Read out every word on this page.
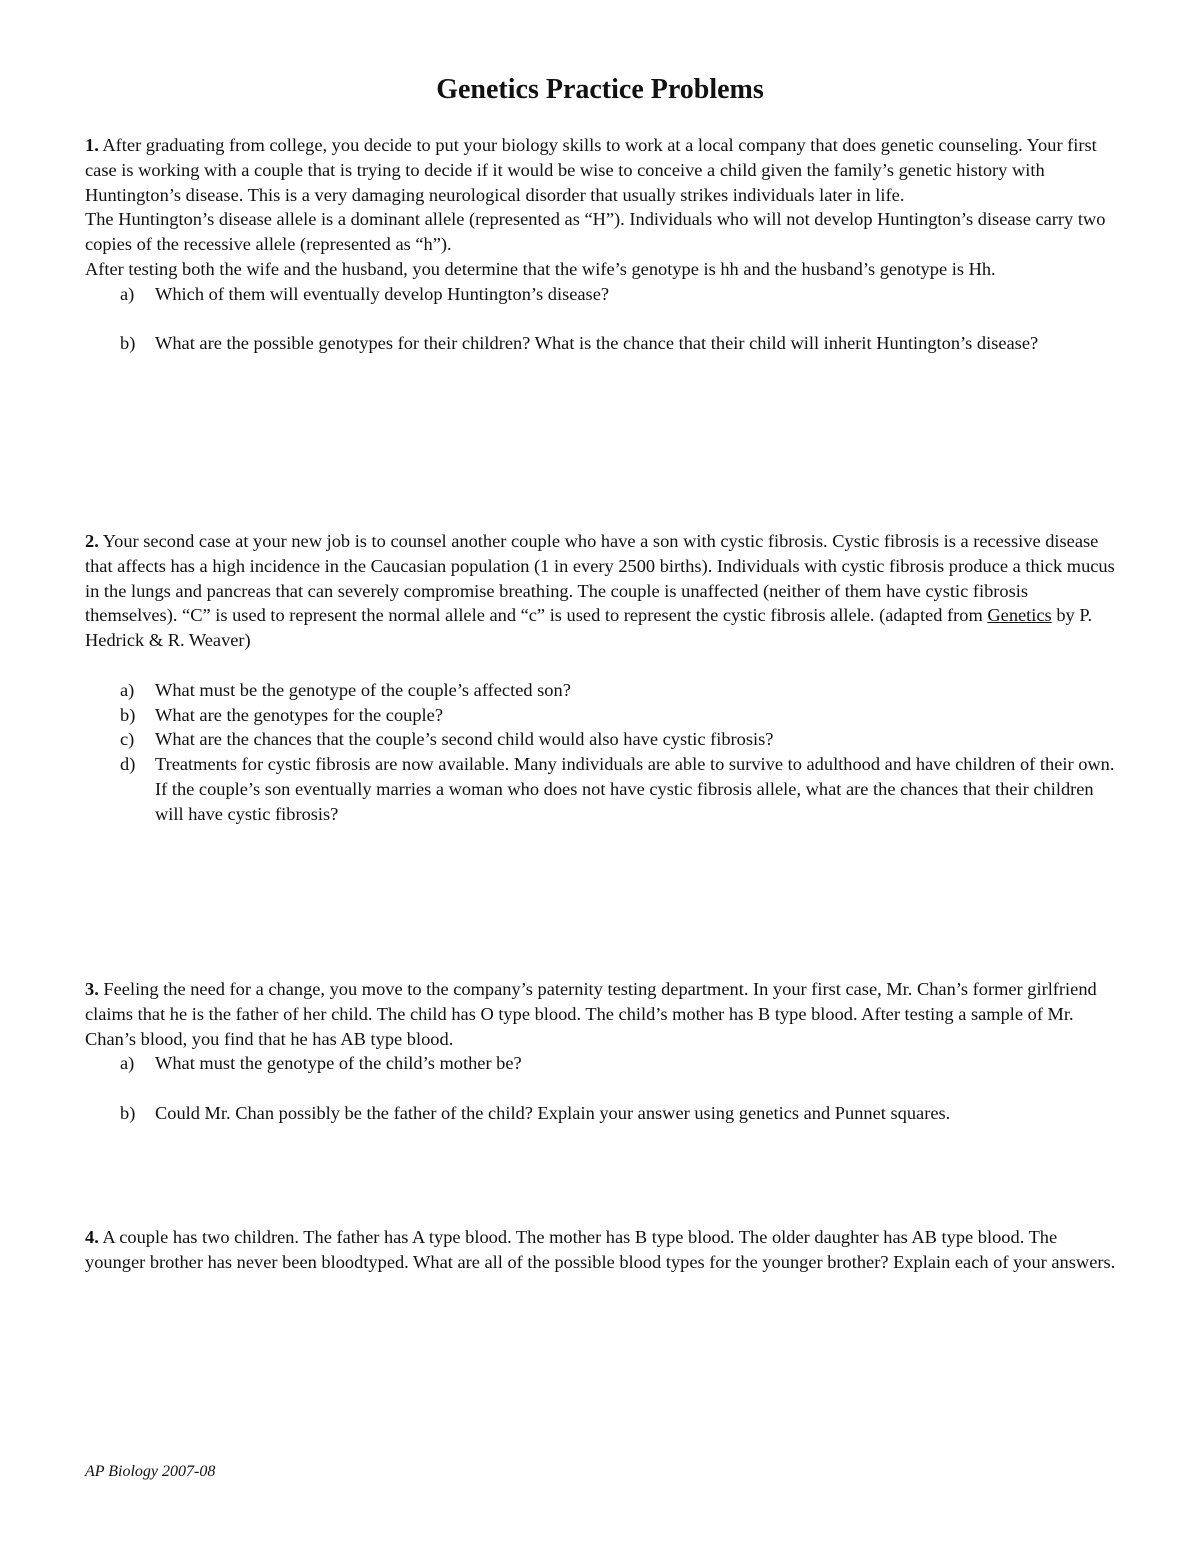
Genetics Practice Problems

1. After graduating from college, you decide to put your biology skills to work at a local company that does genetic counseling. Your first case is working with a couple that is trying to decide if it would be wise to conceive a child given the family’s genetic history with Huntington’s disease. This is a very damaging neurological disorder that usually strikes individuals later in life.

The Huntington’s disease allele is a dominant allele (represented as “H”). Individuals who will not develop Huntington’s disease carry two copies of the recessive allele (represented as “h”).

After testing both the wife and the husband, you determine that the wife’s genotype is hh and the husband’s genotype is Hh.

a) Which of them will eventually develop Huntington’s disease?
b) What are the possible genotypes for their children? What is the chance that their child will inherit Huntington’s disease?

2. Your second case at your new job is to counsel another couple who have a son with cystic fibrosis. Cystic fibrosis is a recessive disease that affects has a high incidence in the Caucasian population (1 in every 2500 births). Individuals with cystic fibrosis produce a thick mucus in the lungs and pancreas that can severely compromise breathing. The couple is unaffected (neither of them have cystic fibrosis themselves). “C” is used to represent the normal allele and “c” is used to represent the cystic fibrosis allele. (adapted from Genetics by P. Hedrick & R. Weaver)

a) What must be the genotype of the couple’s affected son?
b) What are the genotypes for the couple?
c) What are the chances that the couple’s second child would also have cystic fibrosis?
d) Treatments for cystic fibrosis are now available. Many individuals are able to survive to adulthood and have children of their own. If the couple’s son eventually marries a woman who does not have cystic fibrosis allele, what are the chances that their children will have cystic fibrosis?

3. Feeling the need for a change, you move to the company’s paternity testing department. In your first case, Mr. Chan’s former girlfriend claims that he is the father of her child. The child has O type blood. The child’s mother has B type blood. After testing a sample of Mr. Chan’s blood, you find that he has AB type blood.

a) What must the genotype of the child’s mother be?
b) Could Mr. Chan possibly be the father of the child? Explain your answer using genetics and Punnet squares.

4. A couple has two children. The father has A type blood. The mother has B type blood. The older daughter has AB type blood. The younger brother has never been bloodtyped. What are all of the possible blood types for the younger brother? Explain each of your answers.

AP Biology 2007-08
